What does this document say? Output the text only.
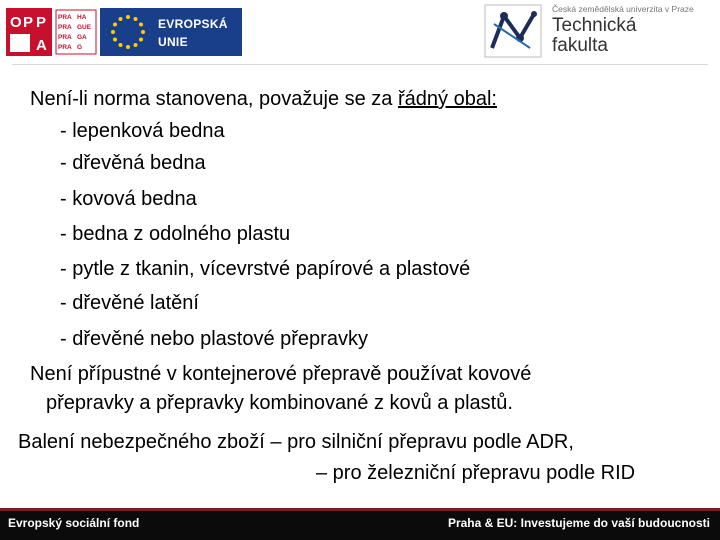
O P P
A
PRA HA
PRA GUE
PRA GA
PRA G
EVROPSKÁ
UNIE
Česká zemědělská univerzita v Praze
Technická
fakulta
Není-li norma stanovena, považuje se za řádný obal:
- lepenková bedna
- dřevěná bedna
- kovová bedna
- bedna z odolného plastu
- pytle z tkanin, vícevrstvé papírové a plastové
- dřevěné latění
- dřevěné nebo plastové přepravky
Není přípustné v kontejnerové přepravě používat kovové
přepravky a přepravky kombinované z kovů a plastů.
Balení nebezpečného zboží – pro silniční přepravu podle ADR,
– pro železniční přepravu podle RID
Evropský sociální fond	Praha & EU: Investujeme do vaší budoucnosti
